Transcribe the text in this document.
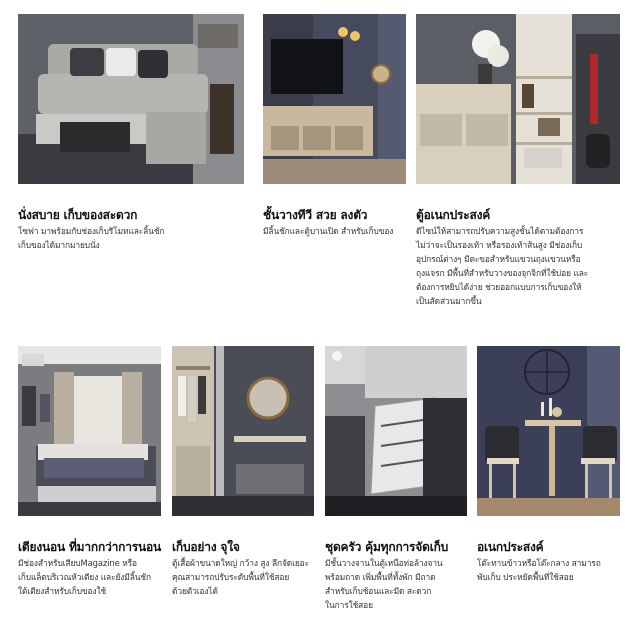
นั่งสบาย เก็บของสะดวก
โซฟา มาพร้อมกับช่องเก็บรีโมทและลิ้นชัก
เก็บของได้มากมายบนั่ง
ชั้นวางทีวี สวย ลงตัว
มีลิ้นชักและตู้บานเปิด สำหรับเก็บของ
ตู้อเนกประสงค์
ดีไซน์ให้สามารถปรับความสูงชั้นได้ตามต้องการ
ไม่ว่าจะเป็นรองเท้า หรือรองเท้าส้นสูง มีช่องเก็บ
อุปกรณ์ต่างๆ มีตะขอสำหรับแขวนถุงแขวนหรือ
ถุงแจรก มีพื้นที่สำหรับวางของจุกจิกที่ใช้บ่อย และ
ต้องการหยิบได้ง่าย ช่วยออกแบบการเก็บของให้
เป็นสัดส่วนมากขึ้น
เตียงนอน ที่มากกว่าการนอน
มีช่องสำหรับเสียบMagazine หรือ
เก็บแล็ตบริเวณหัวเตียง และยังมีลิ้นชัก
ใต้เตียงสำหรับเก็บของใช้
เก็บอย่าง จุใจ
ตู้เสื้อผ้าขนาดใหญ่ กว้าง สูง ลึกจัดเยอะ
คุณสามารถปรับระดับพื้นที่ใช้สอย
ด้วยตัวเองได้
ชุดครัว คุ้มทุกการจัดเก็บ
มีชั้นวางจานในตู้เหนือท่อล้างจาน
พร้อมถาด เพิ่มพื้นที่ทั้งพัก มีถาด
สำหรับเก็บช้อนและมีด สะดวก
ในการใช้สอย
อเนกประสงค์
โต๊ะทานข้าวหรือโต๊ะกลาง สามารถ
พับเก็บ ประหยัดพื้นที่ใช้สอย
